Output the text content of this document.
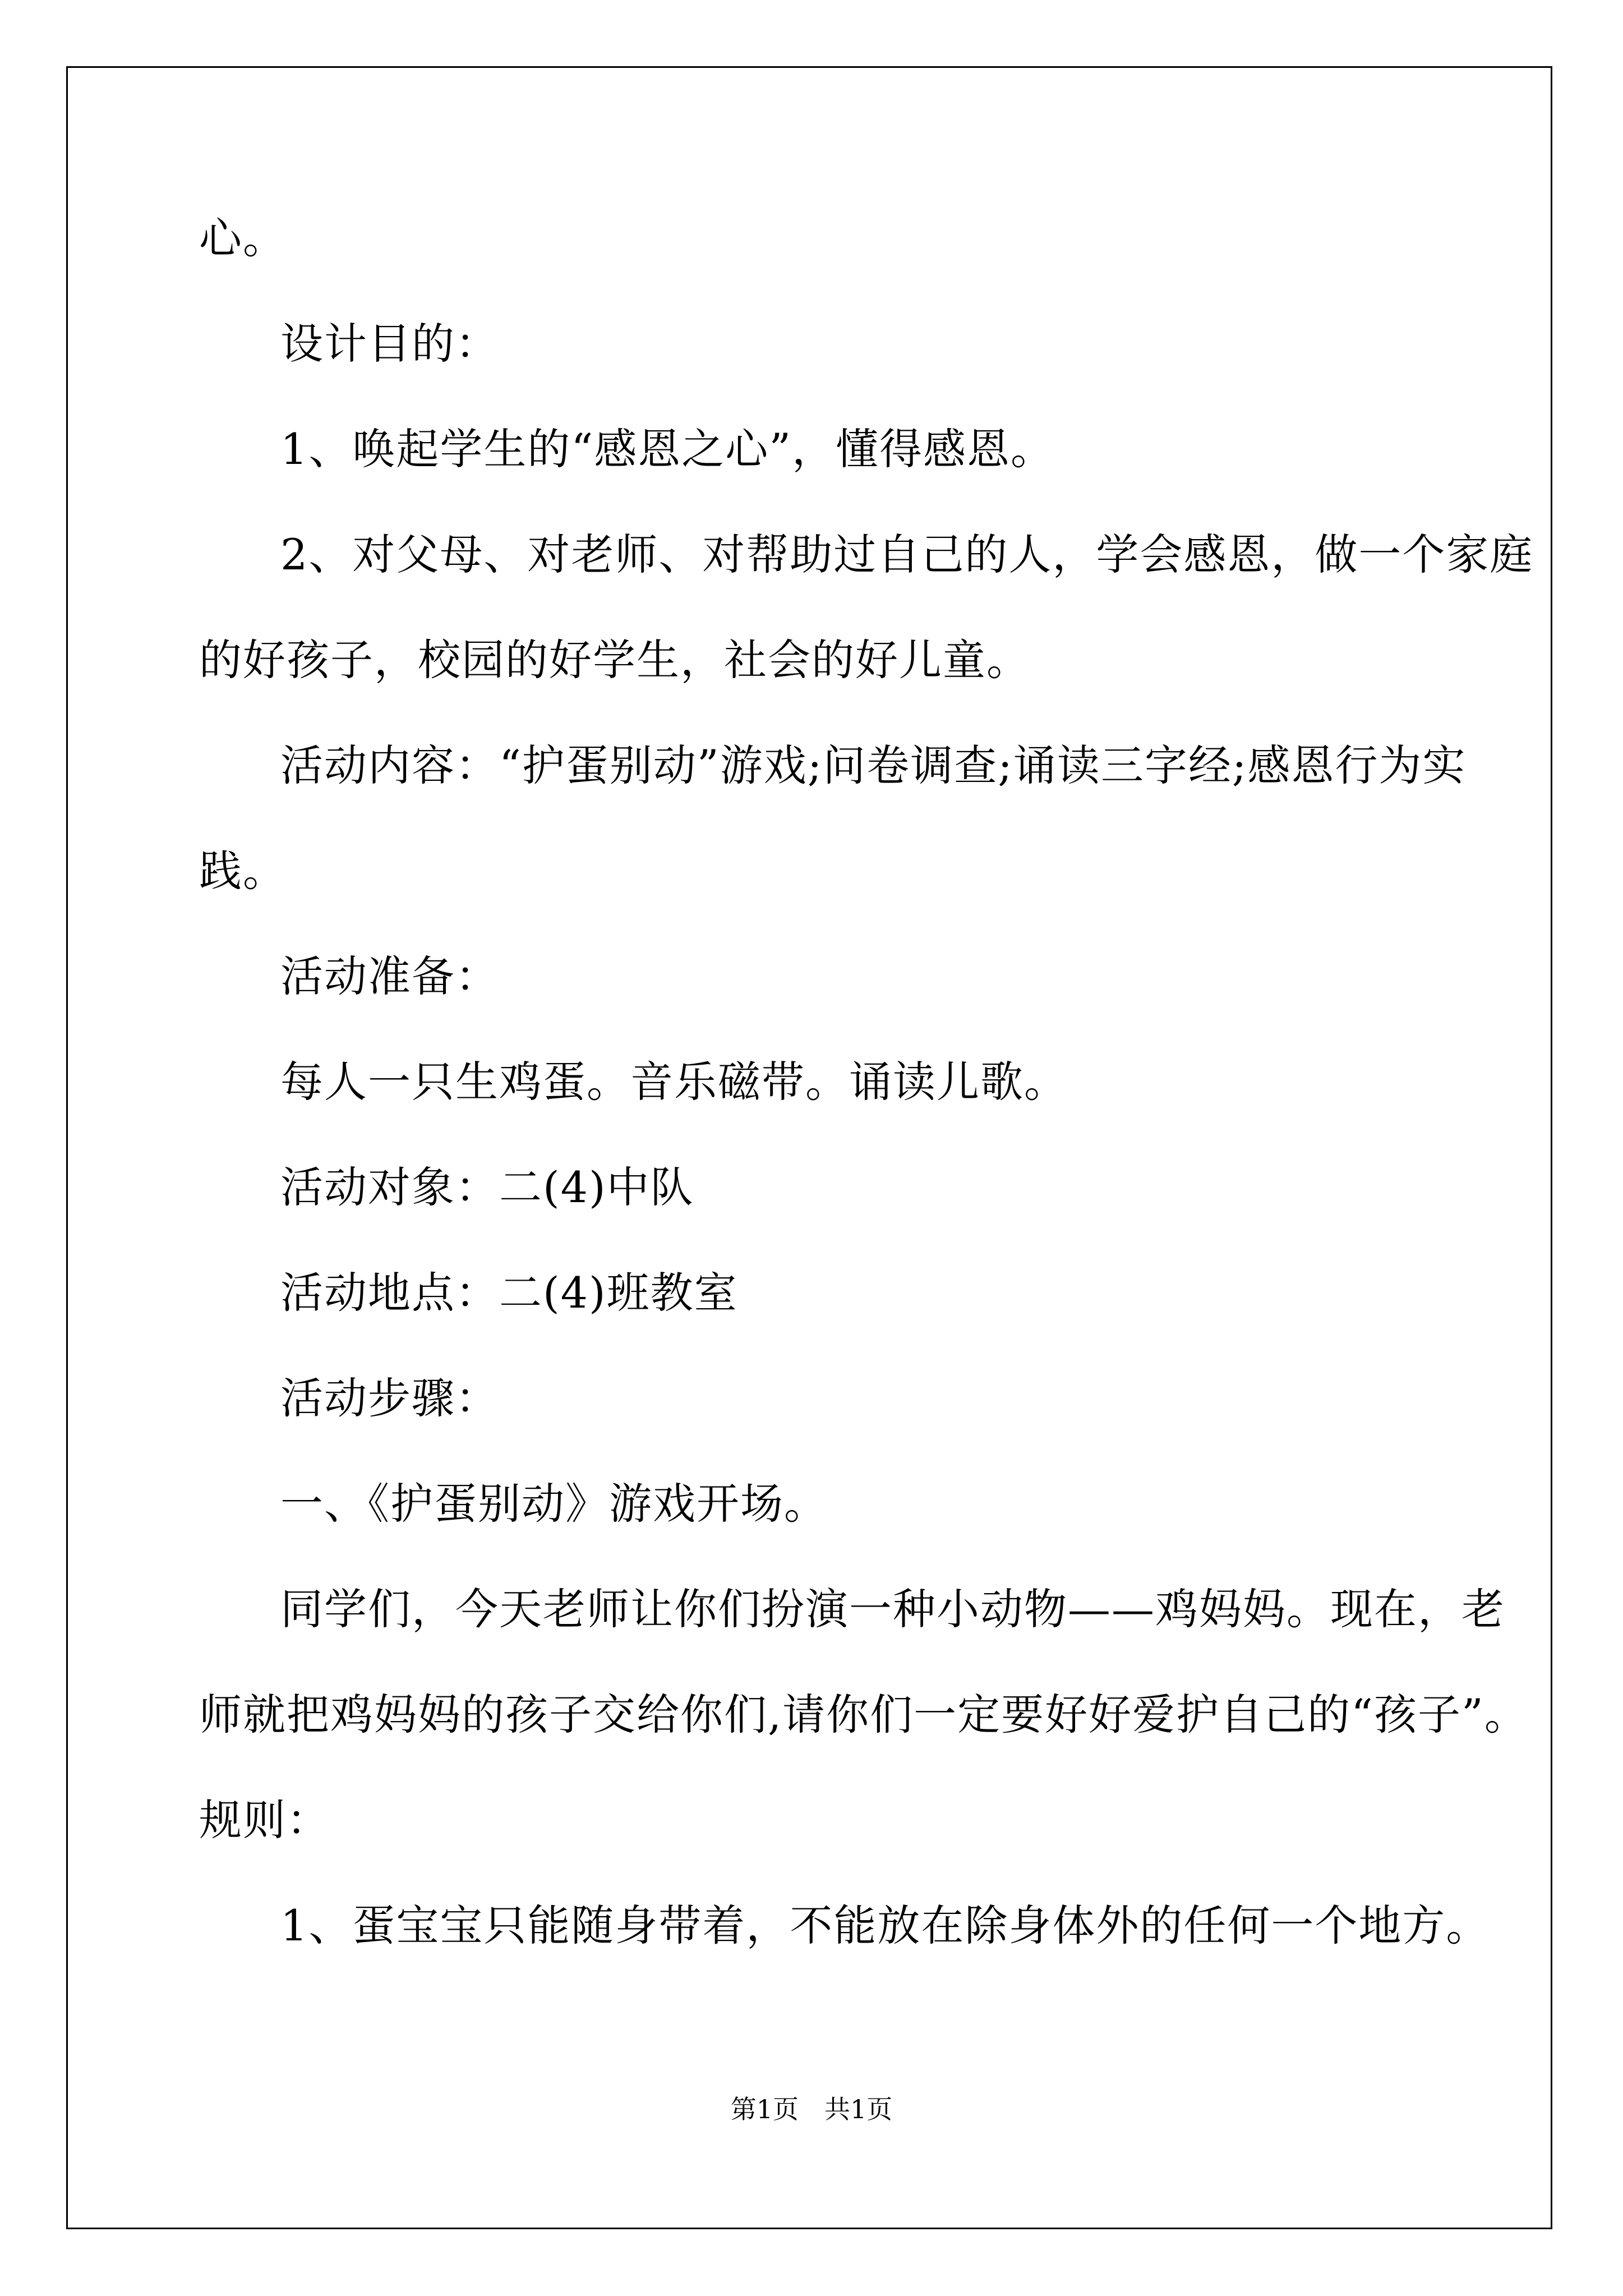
心。
设计目的：
1、唤起学生的“感恩之心”，懂得感恩。
2、对父母、对老师、对帮助过自己的人，学会感恩，做一个家庭
的好孩子，校园的好学生，社会的好儿童。
活动内容：“护蛋别动”游戏;问卷调查;诵读三字经;感恩行为实
践。
活动准备：
每人一只生鸡蛋。音乐磁带。诵读儿歌。
活动对象：二(4)中队
活动地点：二(4)班教室
活动步骤：
一、《护蛋别动》游戏开场。
同学们，今天老师让你们扮演一种小动物——鸡妈妈。现在，老
师就把鸡妈妈的孩子交给你们,请你们一定要好好爱护自己的“孩子”。
规则：
1、蛋宝宝只能随身带着，不能放在除身体外的任何一个地方。
第1页　共1页
